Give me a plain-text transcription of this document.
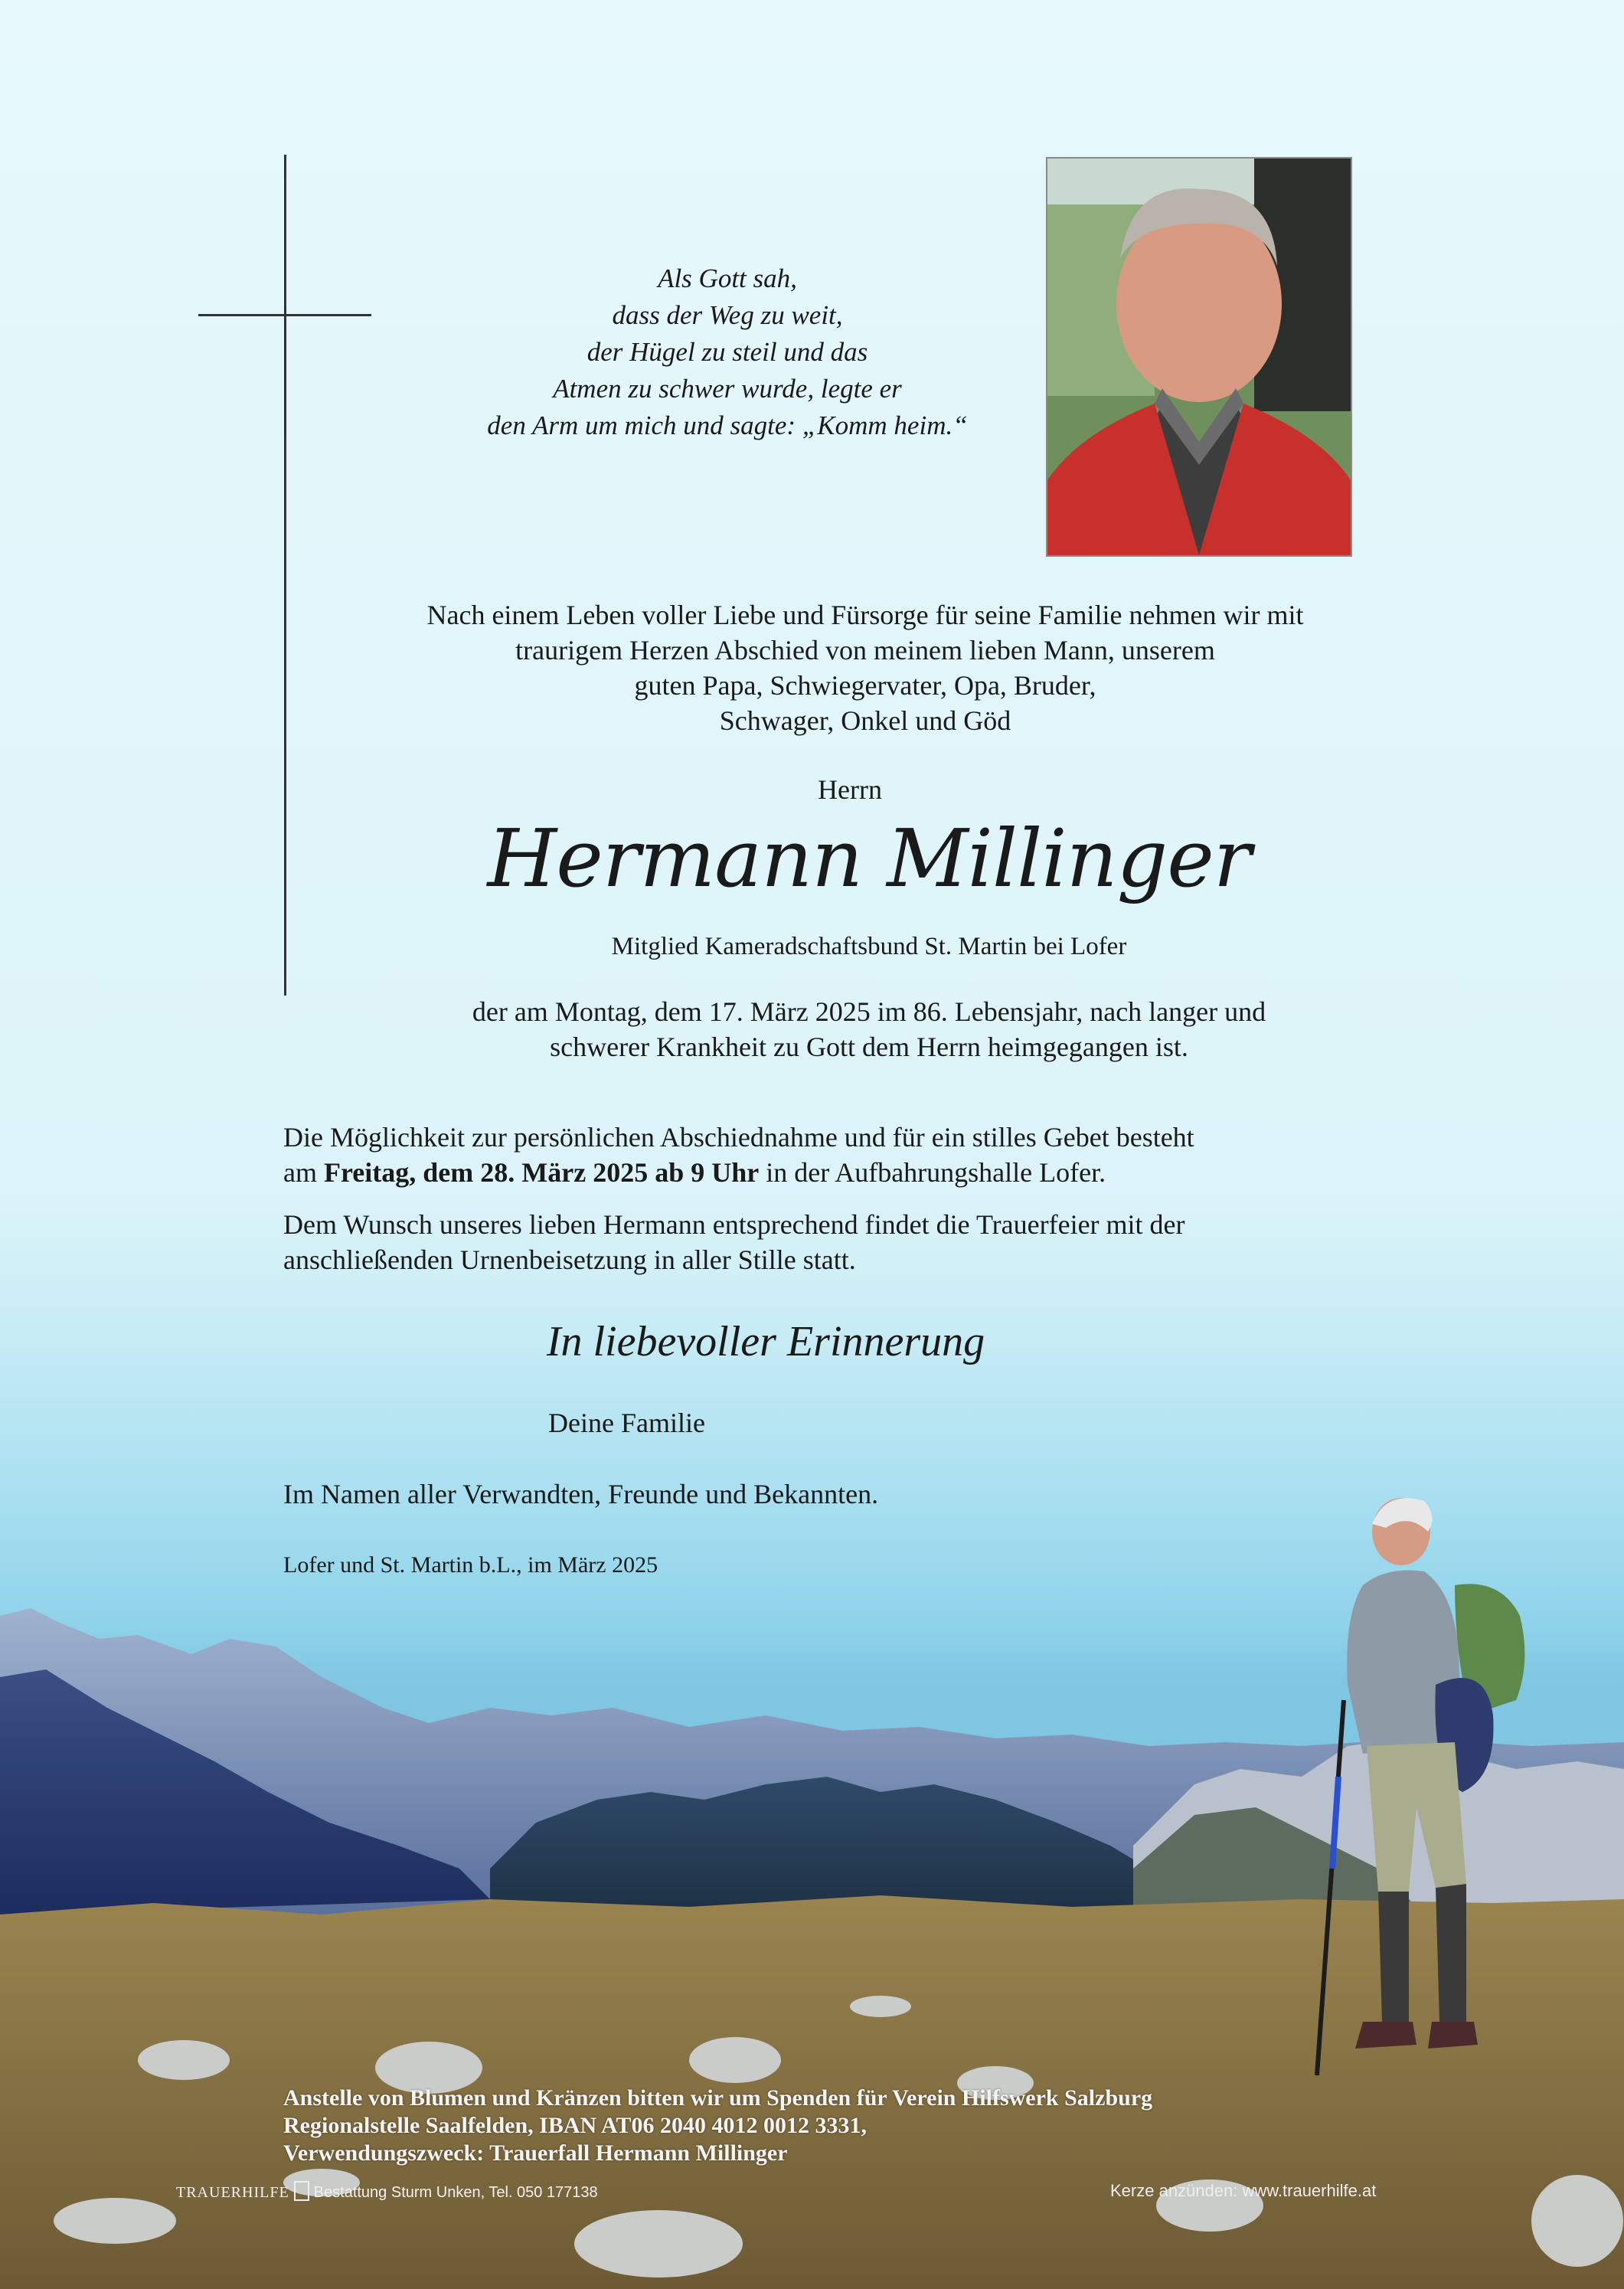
Als Gott sah,
dass der Weg zu weit,
der Hügel zu steil und das
Atmen zu schwer wurde, legte er
den Arm um mich und sagte: „Komm heim.“
Nach einem Leben voller Liebe und Fürsorge für seine Familie nehmen wir mit
traurigem Herzen Abschied von meinem lieben Mann, unserem
guten Papa, Schwiegervater, Opa, Bruder,
Schwager, Onkel und Göd
Herrn
Hermann Millinger
Mitglied Kameradschaftsbund St. Martin bei Lofer
der am Montag, dem 17. März 2025 im 86. Lebensjahr, nach langer und
schwerer Krankheit zu Gott dem Herrn heimgegangen ist.
Die Möglichkeit zur persönlichen Abschiednahme und für ein stilles Gebet besteht
am Freitag, dem 28. März 2025 ab 9 Uhr in der Aufbahrungshalle Lofer.
Dem Wunsch unseres lieben Hermann entsprechend findet die Trauerfeier mit der
anschließenden Urnenbeisetzung in aller Stille statt.
In liebevoller Erinnerung
Deine Familie
Im Namen aller Verwandten, Freunde und Bekannten.
Lofer und St. Martin b.L., im März 2025
Anstelle von Blumen und Kränzen bitten wir um Spenden für Verein Hilfswerk Salzburg
Regionalstelle Saalfelden, IBAN AT06 2040 4012 0012 3331,
Verwendungszweck: Trauerfall Hermann Millinger
TRAUERHILFE Bestattung Sturm Unken, Tel. 050 177138	Kerze anzünden: www.trauerhilfe.at
